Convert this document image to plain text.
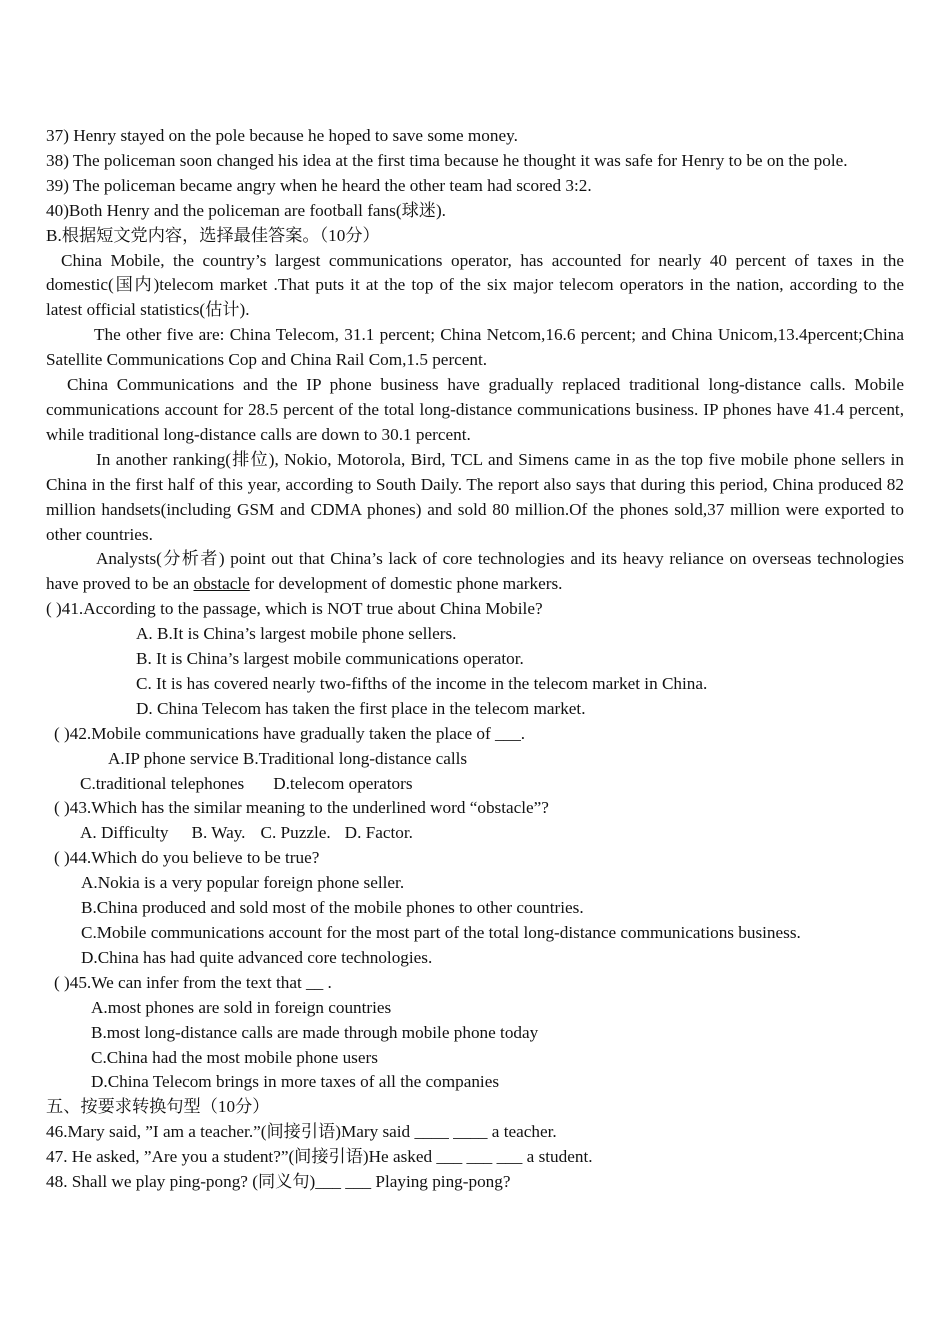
37) Henry stayed on the pole because he hoped to save some money.
38) The policeman soon changed his idea at the first tima because he thought it was safe for Henry to be on the pole.
39) The policeman became angry when he heard the other team had scored 3:2.
40)Both Henry and the policeman are football fans(球迷).
B.根据短文党内容，选择最佳答案。（10分）
China Mobile, the country’s largest communications operator, has accounted for nearly 40 percent of taxes in the domestic(国内)telecom market .That puts it at the top of the six major telecom operators in the nation, according to the latest official statistics(估计).
The other five are: China Telecom, 31.1 percent; China Netcom,16.6 percent; and China Unicom,13.4percent;China Satellite Communications Cop and China Rail Com,1.5 percent.
China Communications and the IP phone business have gradually replaced traditional long-distance calls. Mobile communications account for 28.5 percent of the total long-distance communications business. IP phones have 41.4 percent, while traditional long-distance calls are down to 30.1 percent.
In another ranking(排位), Nokio, Motorola, Bird, TCL and Simens came in as the top five mobile phone sellers in China in the first half of this year, according to South Daily. The report also says that during this period, China produced 82 million handsets(including GSM and CDMA phones) and sold 80 million.Of the phones sold,37 million were exported to other countries.
Analysts(分析者) point out that China’s lack of core technologies and its heavy reliance on overseas technologies have proved to be an obstacle for development of domestic phone markers.
( )41.According to the passage, which is NOT true about China Mobile?
A. B.It is China’s largest mobile phone sellers.
B. It is China’s largest mobile communications operator.
C. It is has covered nearly two-fifths of the income in the telecom market in China.
D. China Telecom has taken the first place in the telecom market.
( )42.Mobile communications have gradually taken the place of ___.
A.IP phone service B.Traditional long-distance calls
C.traditional telephones D.telecom operators
( )43.Which has the similar meaning to the underlined word “obstacle”?
A. Difficulty B. Way. C. Puzzle. D. Factor.
( )44.Which do you believe to be true?
A.Nokia is a very popular foreign phone seller.
B.China produced and sold most of the mobile phones to other countries.
C.Mobile communications account for the most part of the total long-distance communications business.
D.China has had quite advanced core technologies.
( )45.We can infer from the text that __ .
A.most phones are sold in foreign countries
B.most long-distance calls are made through mobile phone today
C.China had the most mobile phone users
D.China Telecom brings in more taxes of all the companies
五、按要求转换句型（10分）
46.Mary said, ”I am a teacher.”(间接引语)Mary said ____ ____ a teacher.
47. He asked, ”Are you a student?”(间接引语)He asked ___ ___ ___ a student.
48. Shall we play ping-pong? (同义句)___ ___ Playing ping-pong?
